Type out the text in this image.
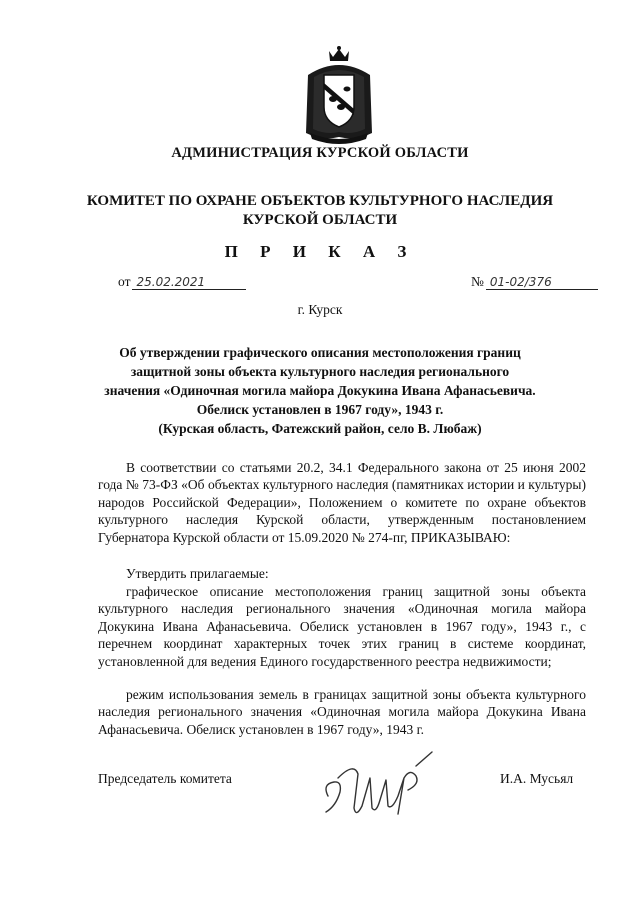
АДМИНИСТРАЦИЯ КУРСКОЙ ОБЛАСТИ
КОМИТЕТ ПО ОХРАНЕ ОБЪЕКТОВ КУЛЬТУРНОГО НАСЛЕДИЯ
КУРСКОЙ ОБЛАСТИ
П Р И К А З
от 25.02.2021	№ 01-02/376
г. Курск
Об утверждении графического описания местоположения границ
защитной зоны объекта культурного наследия регионального
значения «Одиночная могила майора Докукина Ивана Афанасьевича.
Обелиск установлен в 1967 году», 1943 г.
(Курская область, Фатежский район, село В. Любаж)
В соответствии со статьями 20.2, 34.1 Федерального закона от 25 июня 2002 года № 73-ФЗ «Об объектах культурного наследия (памятниках истории и культуры) народов Российской Федерации», Положением о комитете по охране объектов культурного наследия Курской области, утвержденным постановлением Губернатора Курской области от 15.09.2020 № 274-пг, ПРИКАЗЫВАЮ:
Утвердить прилагаемые:
графическое описание местоположения границ защитной зоны объекта культурного наследия регионального значения «Одиночная могила майора Докукина Ивана Афанасьевича. Обелиск установлен в 1967 году», 1943 г., с перечнем координат характерных точек этих границ в системе координат, установленной для ведения Единого государственного реестра недвижимости;
режим использования земель в границах защитной зоны объекта культурного наследия регионального значения «Одиночная могила майора Докукина Ивана Афанасьевича. Обелиск установлен в 1967 году», 1943 г.
Председатель комитета	И.А. Мусьял
